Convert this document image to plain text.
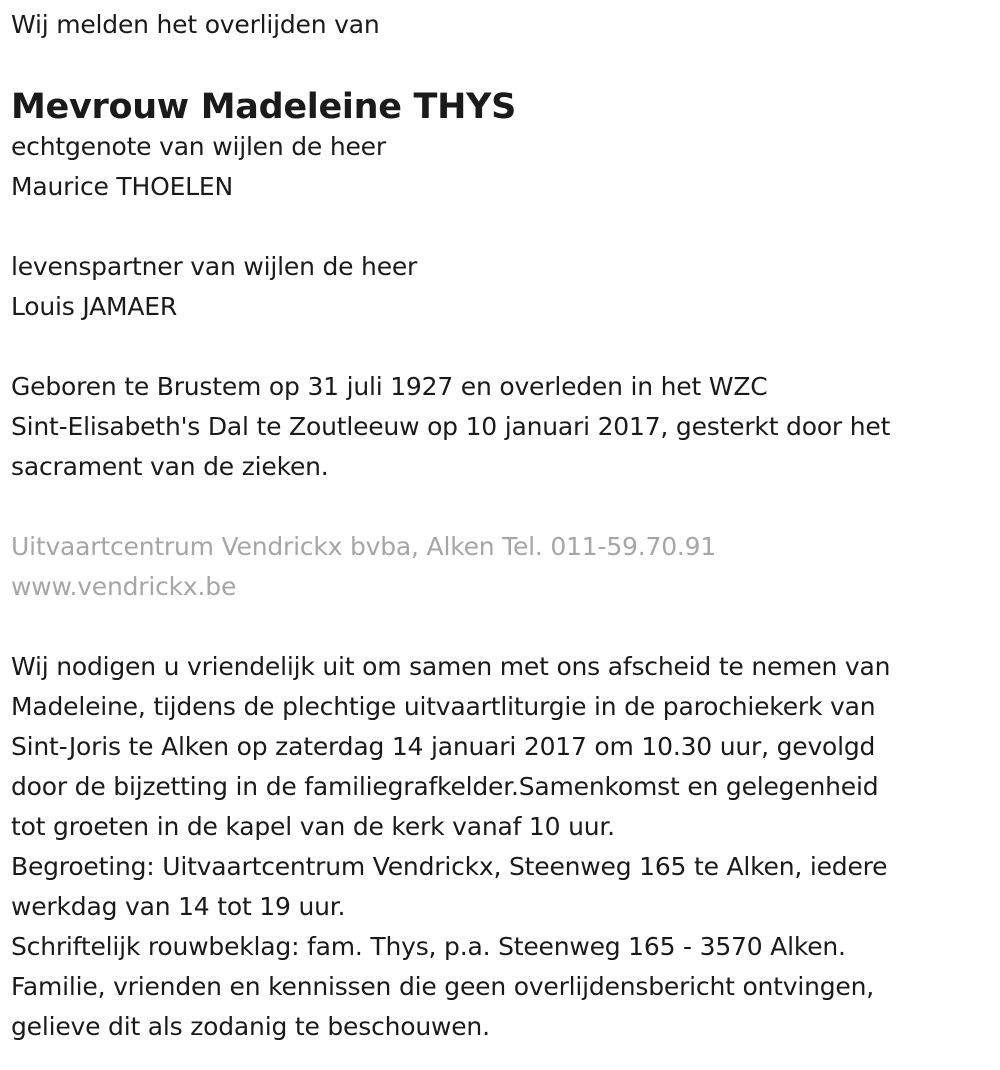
Wij melden het overlijden van
Mevrouw Madeleine THYS
echtgenote van wijlen de heer
Maurice THOELEN
levenspartner van wijlen de heer
Louis JAMAER
Geboren te Brustem op 31 juli 1927 en overleden in het WZC
Sint-Elisabeth's Dal te Zoutleeuw op 10 januari 2017, gesterkt door het
sacrament van de zieken.
Uitvaartcentrum Vendrickx bvba, Alken Tel. 011-59.70.91
www.vendrickx.be
Wij nodigen u vriendelijk uit om samen met ons afscheid te nemen van
Madeleine, tijdens de plechtige uitvaartliturgie in de parochiekerk van
Sint-Joris te Alken op zaterdag 14 januari 2017 om 10.30 uur, gevolgd
door de bijzetting in de familiegrafkelder.Samenkomst en gelegenheid
tot groeten in de kapel van de kerk vanaf 10 uur.
Begroeting: Uitvaartcentrum Vendrickx, Steenweg 165 te Alken, iedere
werkdag van 14 tot 19 uur.
Schriftelijk rouwbeklag: fam. Thys, p.a. Steenweg 165 - 3570 Alken.
Familie, vrienden en kennissen die geen overlijdensbericht ontvingen,
gelieve dit als zodanig te beschouwen.
